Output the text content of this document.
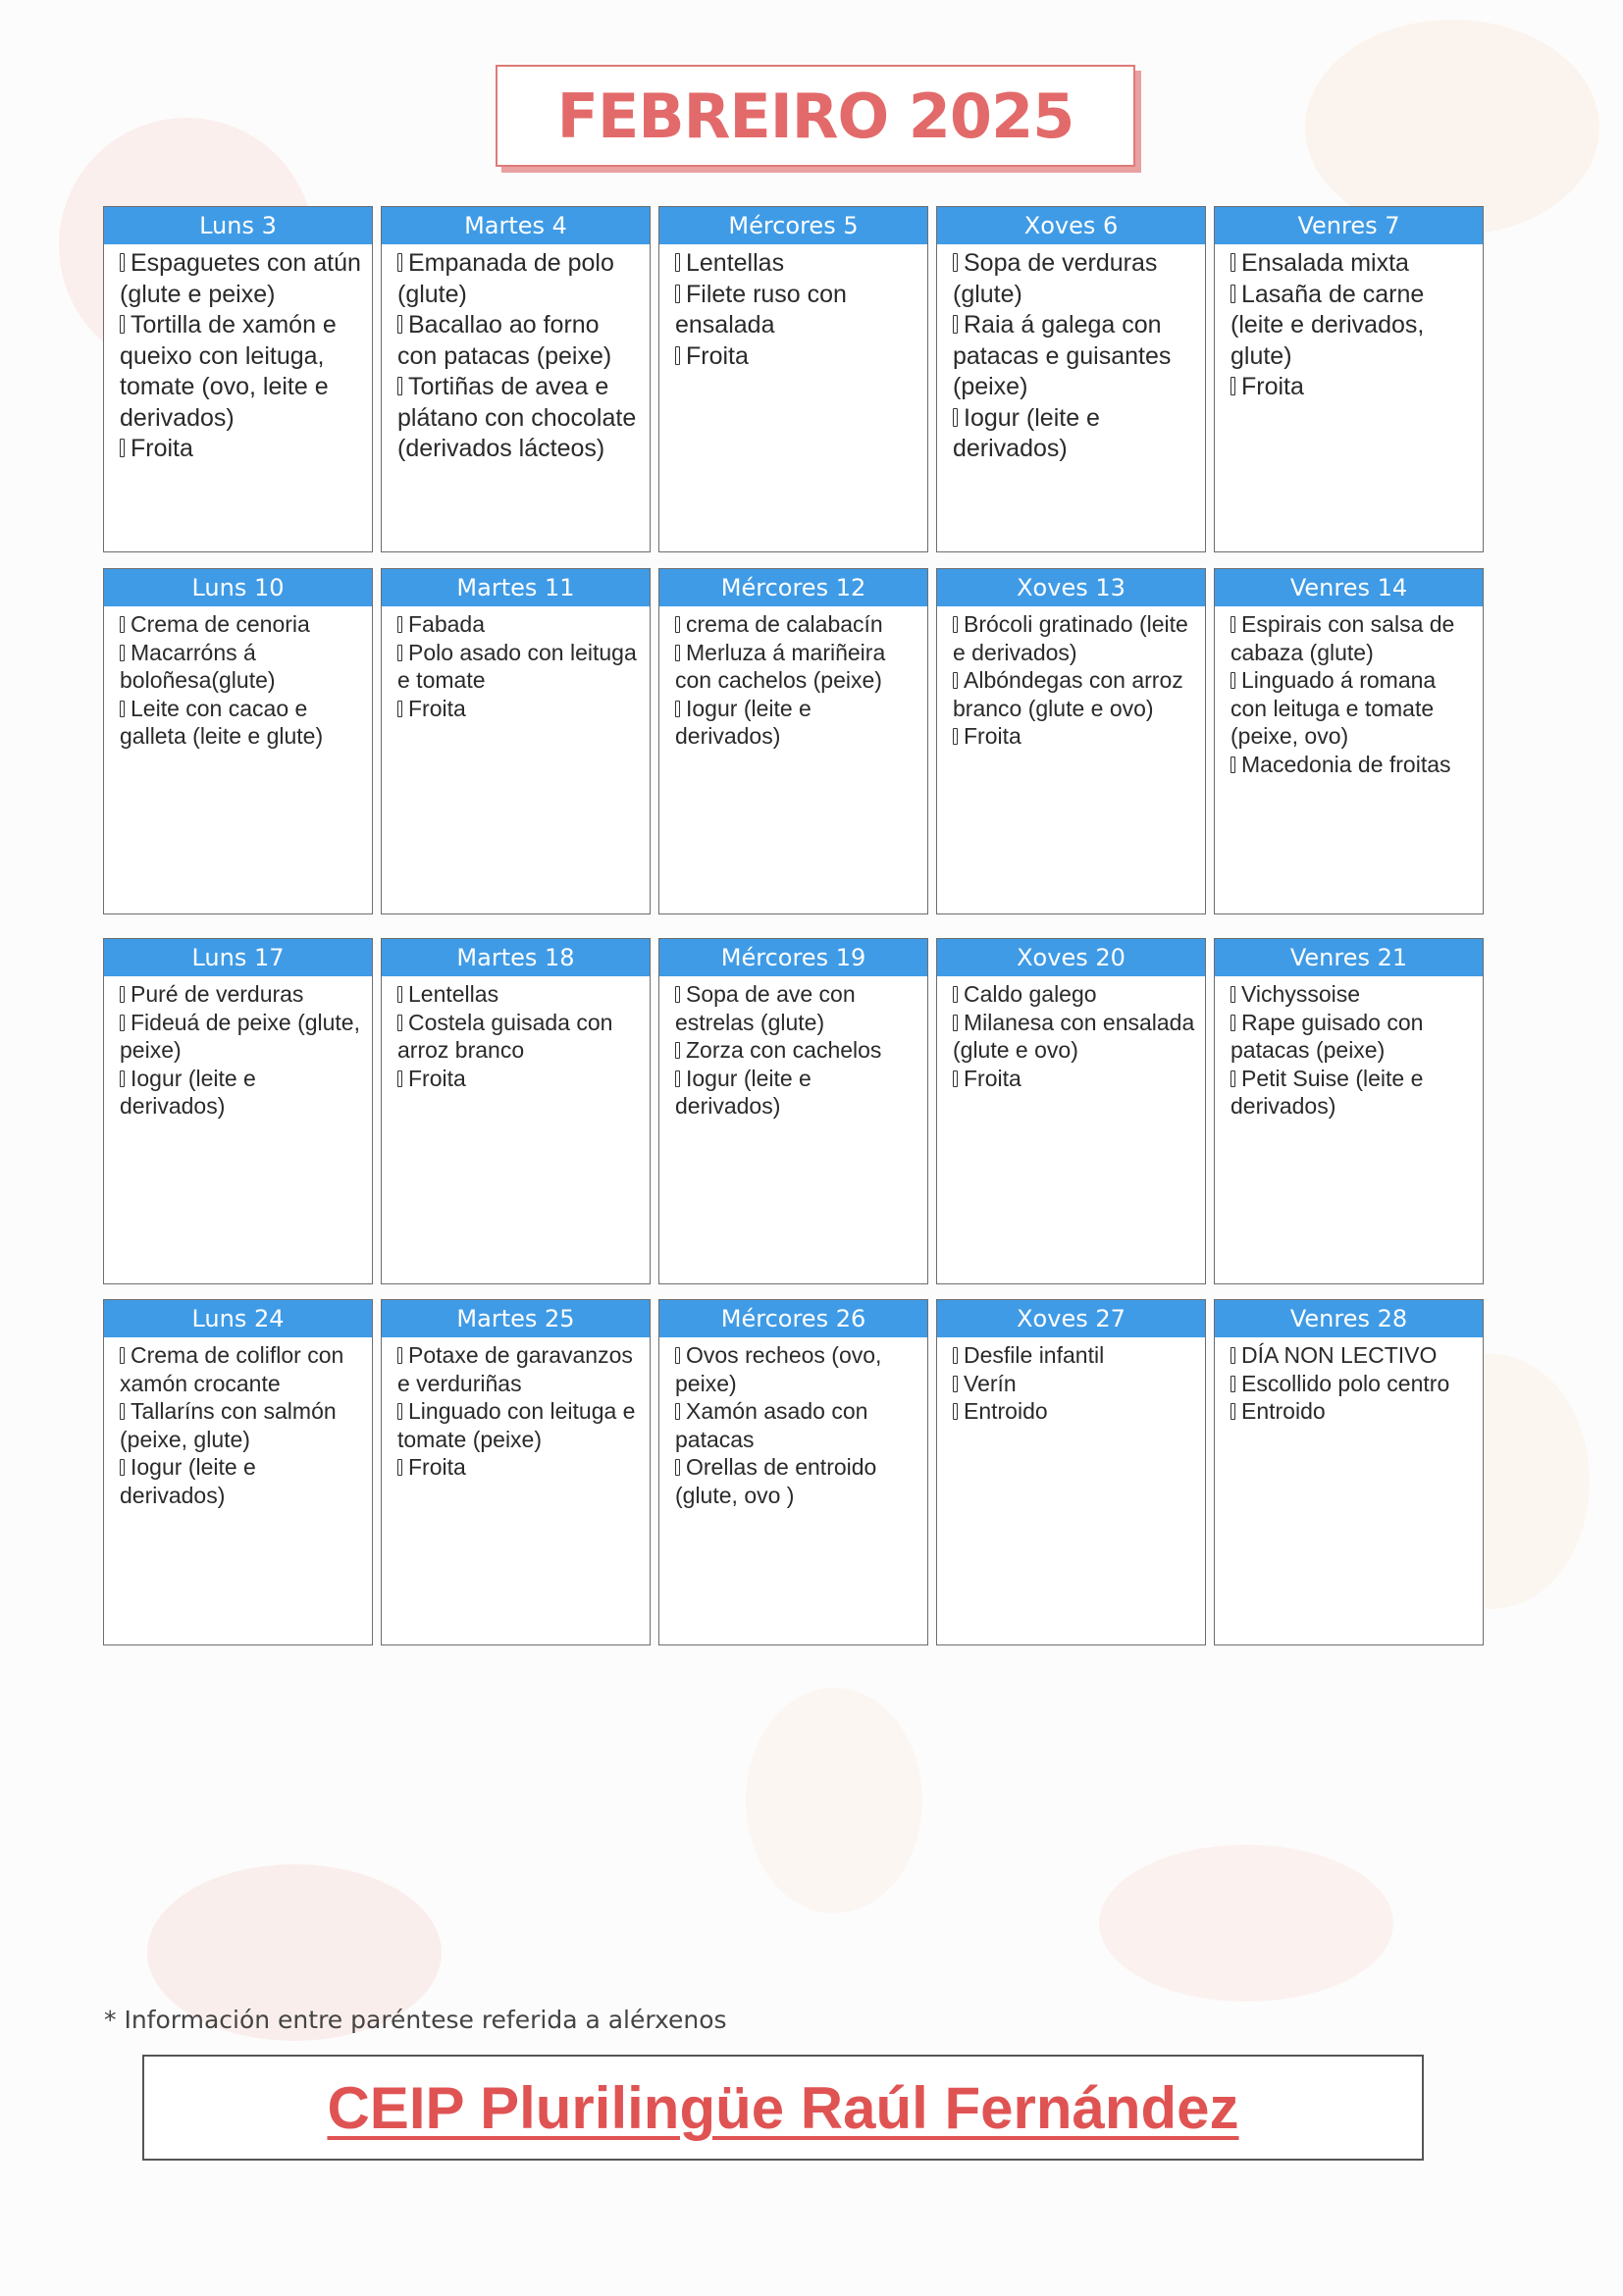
FEBREIRO 2025
Luns 3
Espaguetes con atún (glute e peixe)
Tortilla de xamón e queixo con leituga, tomate (ovo, leite e derivados)
Froita
Martes 4
Empanada de polo (glute)
Bacallao ao forno con patacas (peixe)
Tortiñas de avea e plátano con chocolate (derivados lácteos)
Mércores 5
Lentellas
Filete ruso con ensalada
Froita
Xoves 6
Sopa de verduras (glute)
Raia á galega con patacas e guisantes (peixe)
Iogur (leite e derivados)
Venres 7
Ensalada mixta
Lasaña de carne (leite e derivados, glute)
Froita
Luns 10
Crema de cenoria
Macarróns á boloñesa(glute)
Leite con cacao e galleta (leite e glute)
Martes 11
Fabada
Polo asado con leituga e tomate
Froita
Mércores 12
crema de calabacín
Merluza á mariñeira con cachelos (peixe)
Iogur (leite e derivados)
Xoves 13
Brócoli gratinado (leite e derivados)
Albóndegas con arroz branco (glute e ovo)
Froita
Venres 14
Espirais con salsa de cabaza (glute)
Linguado á romana con leituga e tomate (peixe, ovo)
Macedonia de froitas
Luns 17
Puré de verduras
Fideuá de peixe (glute, peixe)
Iogur (leite e derivados)
Martes 18
Lentellas
Costela guisada con arroz branco
Froita
Mércores 19
Sopa de ave con estrelas (glute)
Zorza con cachelos
Iogur (leite e derivados)
Xoves 20
Caldo galego
Milanesa con ensalada (glute e ovo)
Froita
Venres 21
Vichyssoise
Rape guisado con patacas (peixe)
Petit Suise (leite e derivados)
Luns 24
Crema de coliflor con xamón crocante
Tallaríns con salmón (peixe, glute)
Iogur (leite e derivados)
Martes 25
Potaxe de garavanzos e verduriñas
Linguado con leituga e tomate (peixe)
Froita
Mércores 26
Ovos recheos (ovo, peixe)
Xamón asado con patacas
Orellas de entroido (glute, ovo )
Xoves 27
Desfile infantil
Verín
Entroido
Venres 28
DÍA NON LECTIVO
Escollido polo centro
Entroido
* Información entre paréntese referida a alérxenos
CEIP Plurilingüe Raúl Fernández
